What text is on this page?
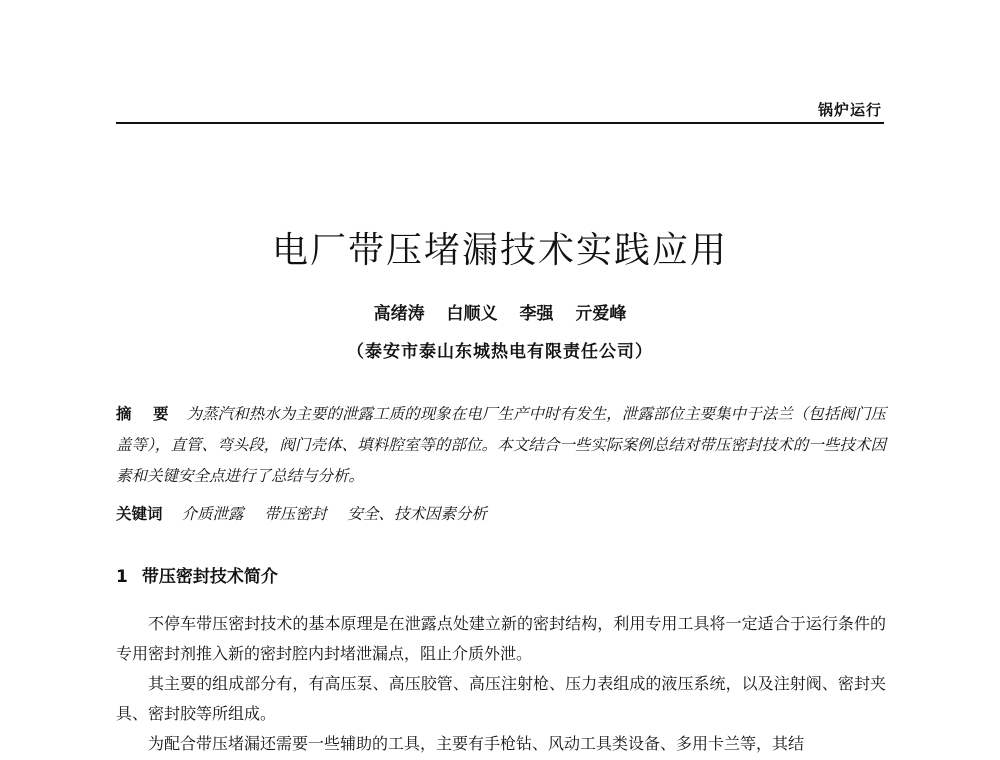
锅炉运行
电厂带压堵漏技术实践应用
高绪涛 白顺义 李强 亓爱峰
（泰安市泰山东城热电有限责任公司）
摘 要 为蒸汽和热水为主要的泄露工质的现象在电厂生产中时有发生，泄露部位主要集中于法兰（包括阀门压盖等），直管、弯头段，阀门壳体、填料腔室等的部位。本文结合一些实际案例总结对带压密封技术的一些技术因素和关键安全点进行了总结与分析。
关键词 介质泄露 带压密封 安全、技术因素分析
1 带压密封技术简介

不停车带压密封技术的基本原理是在泄露点处建立新的密封结构，利用专用工具将一定适合于运行条件的专用密封剂推入新的密封腔内封堵泄漏点，阻止介质外泄。

其主要的组成部分有，有高压泵、高压胶管、高压注射枪、压力表组成的液压系统，以及注射阀、密封夹具、密封胶等所组成。

为配合带压堵漏还需要一些辅助的工具，主要有手枪钻、风动工具类设备、多用卡兰等，其结
